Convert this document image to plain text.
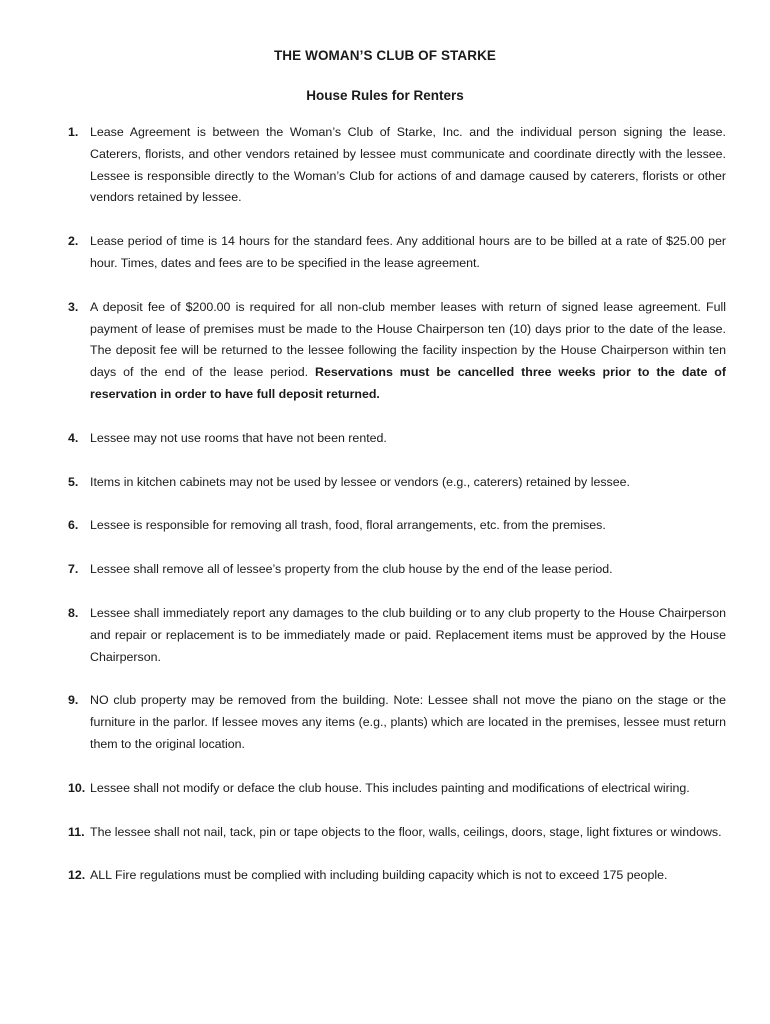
THE WOMAN’S CLUB OF STARKE
House Rules for Renters
1. Lease Agreement is between the Woman’s Club of Starke, Inc. and the individual person signing the lease. Caterers, florists, and other vendors retained by lessee must communicate and coordinate directly with the lessee. Lessee is responsible directly to the Woman’s Club for actions of and damage caused by caterers, florists or other vendors retained by lessee.
2. Lease period of time is 14 hours for the standard fees. Any additional hours are to be billed at a rate of $25.00 per hour. Times, dates and fees are to be specified in the lease agreement.
3. A deposit fee of $200.00 is required for all non-club member leases with return of signed lease agreement. Full payment of lease of premises must be made to the House Chairperson ten (10) days prior to the date of the lease. The deposit fee will be returned to the lessee following the facility inspection by the House Chairperson within ten days of the end of the lease period. Reservations must be cancelled three weeks prior to the date of reservation in order to have full deposit returned.
4. Lessee may not use rooms that have not been rented.
5. Items in kitchen cabinets may not be used by lessee or vendors (e.g., caterers) retained by lessee.
6. Lessee is responsible for removing all trash, food, floral arrangements, etc. from the premises.
7. Lessee shall remove all of lessee’s property from the club house by the end of the lease period.
8. Lessee shall immediately report any damages to the club building or to any club property to the House Chairperson and repair or replacement is to be immediately made or paid. Replacement items must be approved by the House Chairperson.
9. NO club property may be removed from the building. Note: Lessee shall not move the piano on the stage or the furniture in the parlor. If lessee moves any items (e.g., plants) which are located in the premises, lessee must return them to the original location.
10. Lessee shall not modify or deface the club house. This includes painting and modifications of electrical wiring.
11. The lessee shall not nail, tack, pin or tape objects to the floor, walls, ceilings, doors, stage, light fixtures or windows.
12. ALL Fire regulations must be complied with including building capacity which is not to exceed 175 people.
